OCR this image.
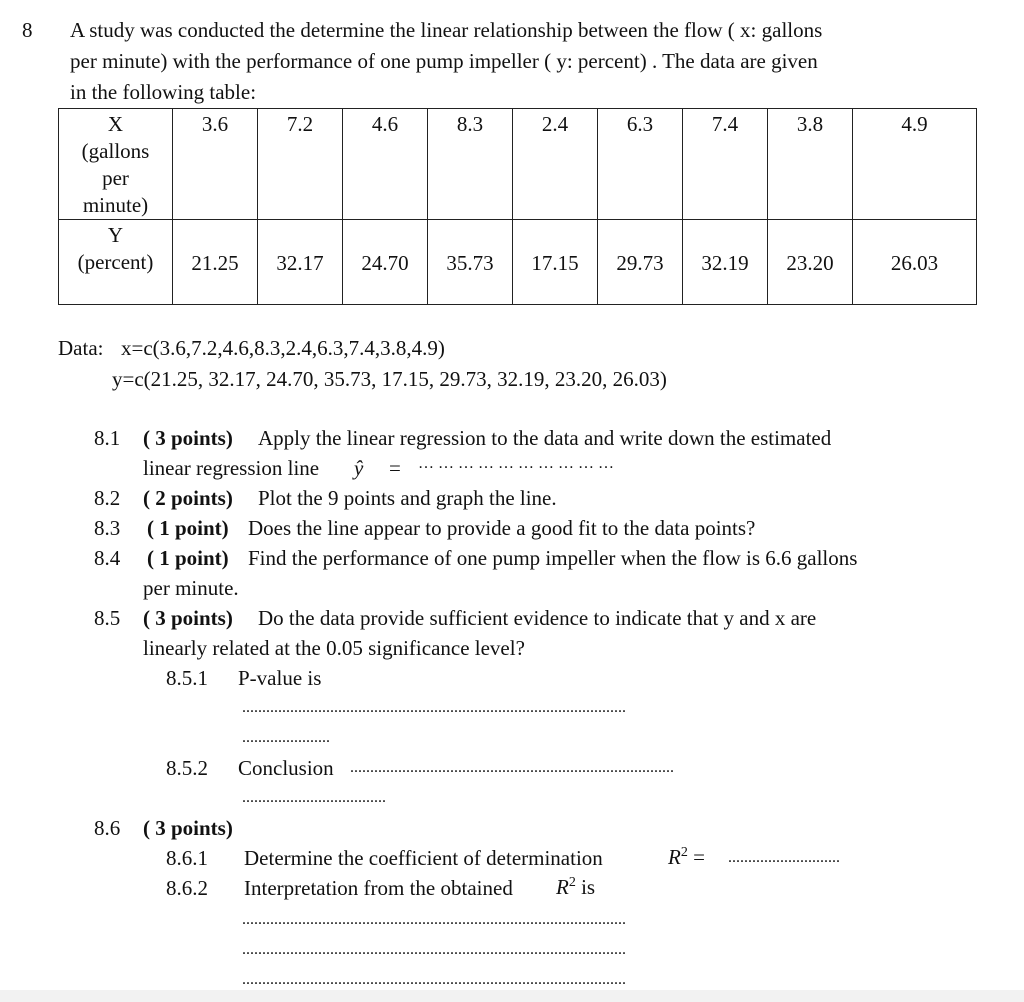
8 A study was conducted the determine the linear relationship between the flow ( x: gallons
per minute) with the performance of one pump impeller ( y: percent) . The data are given
in the following table:
X
(gallons
per
minute)	3.6	7.2	4.6	8.3	2.4	6.3	7.4	3.8	4.9

Y
(percent)	21.25	32.17	24.70	35.73	17.15	29.73	32.19	23.20	26.03
Data: x=c(3.6,7.2,4.6,8.3,2.4,6.3,7.4,3.8,4.9)
y=c(21.25, 32.17, 24.70, 35.73, 17.15, 29.73, 32.19, 23.20, 26.03)
8.1 ( 3 points) Apply the linear regression to the data and write down the estimated
linear regression line ŷ = … … … … … … … … … …
8.2 ( 2 points) Plot the 9 points and graph the line.
8.3 ( 1 point) Does the line appear to provide a good fit to the data points?
8.4 ( 1 point) Find the performance of one pump impeller when the flow is 6.6 gallons
per minute.
8.5 ( 3 points) Do the data provide sufficient evidence to indicate that y and x are
linearly related at the 0.05 significance level?
8.5.1 P-value is
................................................................................................
......................
8.5.2 Conclusion .................................................................................
....................................
8.6 ( 3 points)
8.6.1 Determine the coefficient of determination	$R^2$ = ............................
8.6.2 Interpretation from the obtained $R^2$ is
................................................................................................
................................................................................................
................................................................................................
